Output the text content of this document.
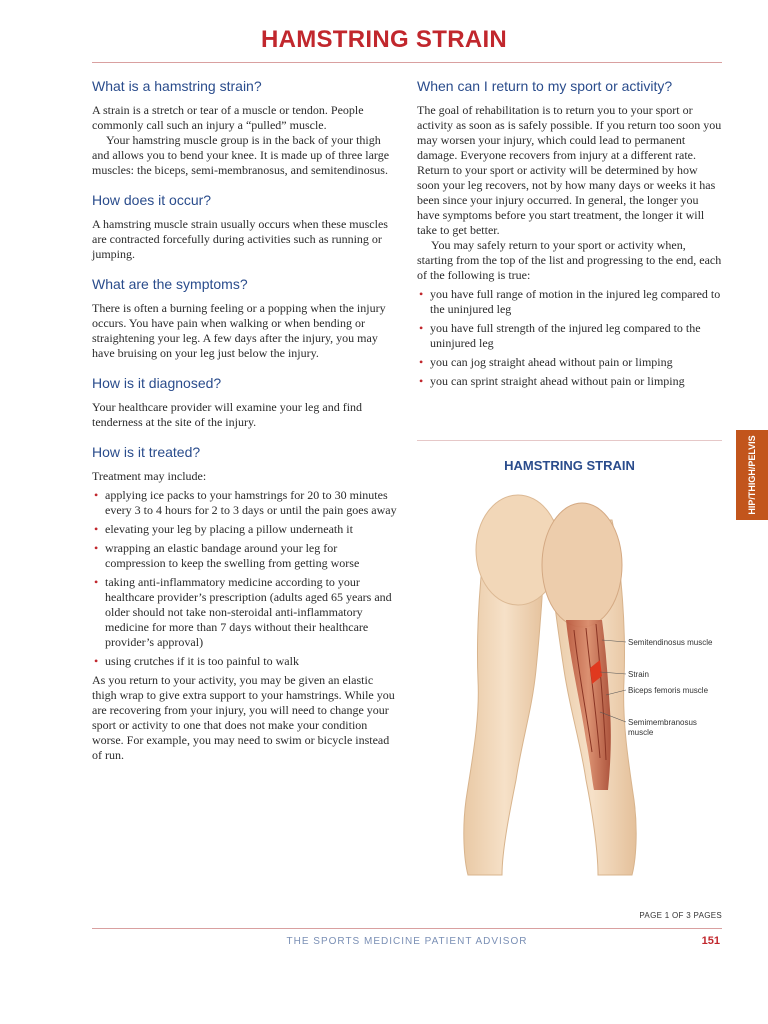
HAMSTRING STRAIN
What is a hamstring strain?

A strain is a stretch or tear of a muscle or tendon. People commonly call such an injury a “pulled” muscle.

Your hamstring muscle group is in the back of your thigh and allows you to bend your knee. It is made up of three large muscles: the biceps, semi-membranosus, and semitendinosus.

How does it occur?

A hamstring muscle strain usually occurs when these muscles are contracted forcefully during activities such as running or jumping.

What are the symptoms?

There is often a burning feeling or a popping when the injury occurs. You have pain when walking or when bending or straightening your leg. A few days after the injury, you may have bruising on your leg just below the injury.

How is it diagnosed?

Your healthcare provider will examine your leg and find tenderness at the site of the injury.

How is it treated?

Treatment may include:

• applying ice packs to your hamstrings for 20 to 30 minutes every 3 to 4 hours for 2 to 3 days or until the pain goes away
• elevating your leg by placing a pillow underneath it
• wrapping an elastic bandage around your leg for compression to keep the swelling from getting worse
• taking anti-inflammatory medicine according to your healthcare provider’s prescription (adults aged 65 years and older should not take non-steroidal anti-inflammatory medicine for more than 7 days without their healthcare provider’s approval)
• using crutches if it is too painful to walk

As you return to your activity, you may be given an elastic thigh wrap to give extra support to your hamstrings. While you are recovering from your injury, you will need to change your sport or activity to one that does not make your condition worse. For example, you may need to swim or bicycle instead of run.

When can I return to my sport or activity?

The goal of rehabilitation is to return you to your sport or activity as soon as is safely possible. If you return too soon you may worsen your injury, which could lead to permanent damage. Everyone recovers from injury at a different rate. Return to your sport or activity will be determined by how soon your leg recovers, not by how many days or weeks it has been since your injury occurred. In general, the longer you have symptoms before you start treatment, the longer it will take to get better.

You may safely return to your sport or activity when, starting from the top of the list and progressing to the end, each of the following is true:

• you have full range of motion in the injured leg compared to the uninjured leg
• you have full strength of the injured leg compared to the uninjured leg
• you can jog straight ahead without pain or limping
• you can sprint straight ahead without pain or limping
HAMSTRING STRAIN
Semitendinosus muscle
Strain
Biceps femoris muscle
Semimembranosus muscle
HIP/THIGH/PELVIS
PAGE 1 OF 3 PAGES
THE SPORTS MEDICINE PATIENT ADVISOR	151
